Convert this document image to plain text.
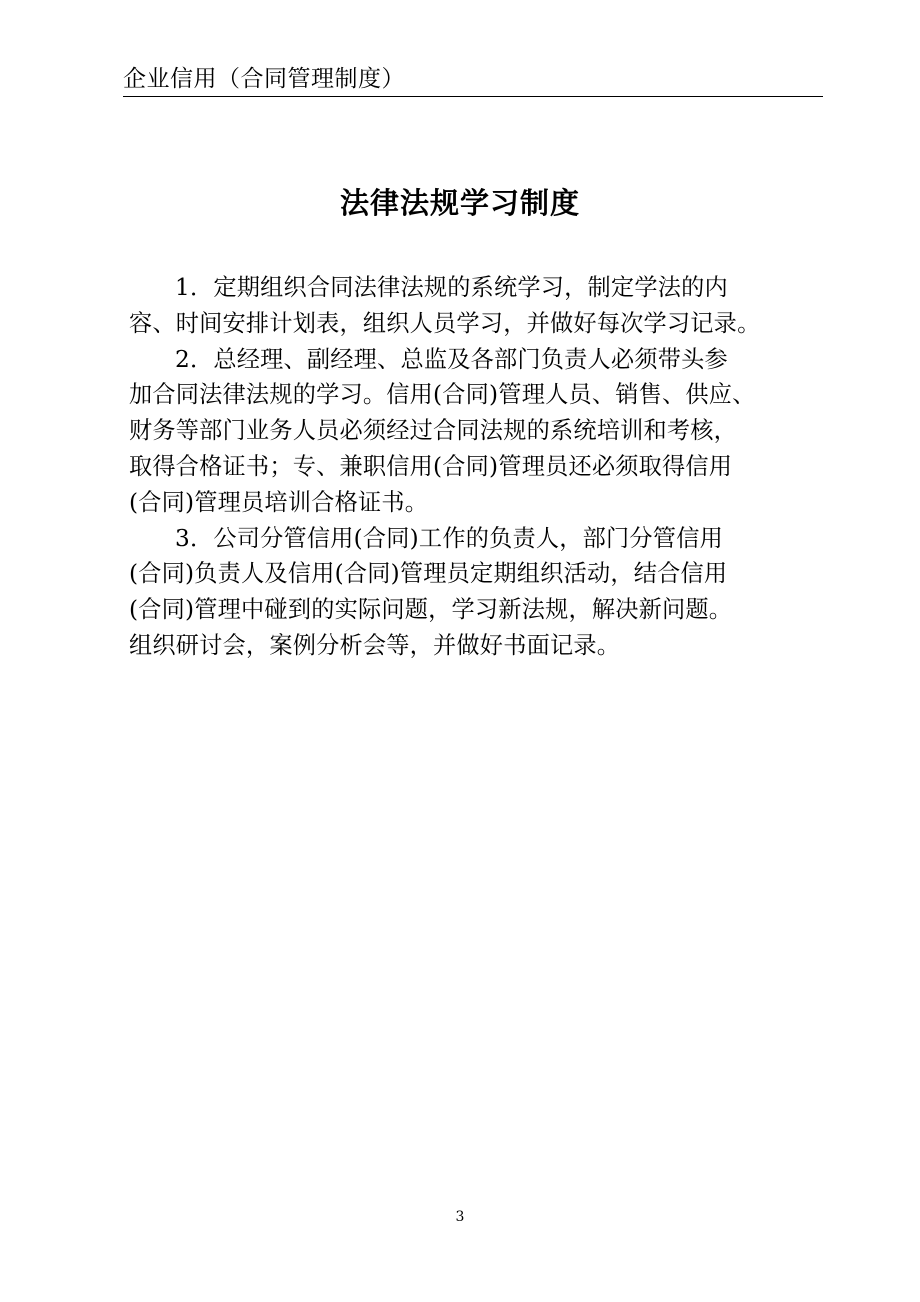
企业信用（合同管理制度）
法律法规学习制度

1．定期组织合同法律法规的系统学习，制定学法的内
容、时间安排计划表，组织人员学习，并做好每次学习记录。

2．总经理、副经理、总监及各部门负责人必须带头参
加合同法律法规的学习。信用(合同)管理人员、销售、供应、
财务等部门业务人员必须经过合同法规的系统培训和考核，
取得合格证书；专、兼职信用(合同)管理员还必须取得信用
(合同)管理员培训合格证书。

3．公司分管信用(合同)工作的负责人，部门分管信用
(合同)负责人及信用(合同)管理员定期组织活动，结合信用
(合同)管理中碰到的实际问题，学习新法规，解决新问题。
组织研讨会，案例分析会等，并做好书面记录。

3
